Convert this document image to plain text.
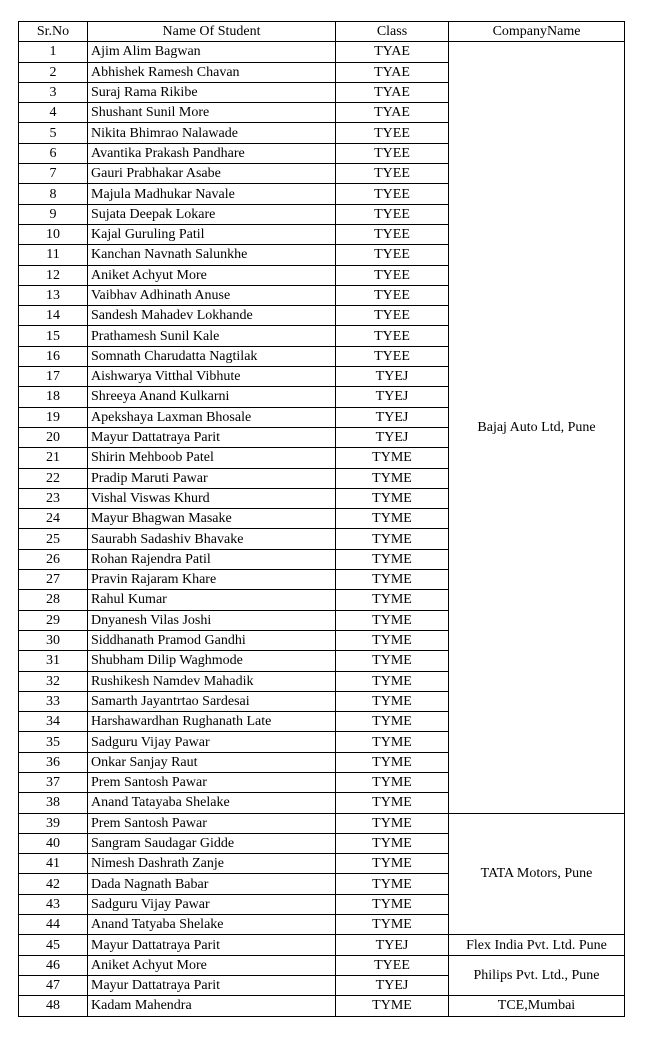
Sr.No	Name Of Student	Class	CompanyName
1	Ajim Alim Bagwan	TYAE	Bajaj Auto Ltd, Pune
2	Abhishek Ramesh Chavan	TYAE	
3	Suraj Rama Rikibe	TYAE	
4	Shushant Sunil More	TYAE	
5	Nikita Bhimrao Nalawade	TYEE	
6	Avantika Prakash Pandhare	TYEE	
7	Gauri Prabhakar Asabe	TYEE	
8	Majula Madhukar Navale	TYEE	
9	Sujata Deepak Lokare	TYEE	
10	Kajal Guruling Patil	TYEE	
11	Kanchan Navnath Salunkhe	TYEE	
12	Aniket Achyut More	TYEE	
13	Vaibhav Adhinath Anuse	TYEE	
14	Sandesh Mahadev Lokhande	TYEE	
15	Prathamesh Sunil Kale	TYEE	
16	Somnath Charudatta Nagtilak	TYEE	
17	Aishwarya Vitthal Vibhute	TYEJ	
18	Shreeya Anand Kulkarni	TYEJ	
19	Apekshaya Laxman Bhosale	TYEJ	
20	Mayur Dattatraya Parit	TYEJ	
21	Shirin Mehboob Patel	TYME	
22	Pradip Maruti Pawar	TYME	
23	Vishal Viswas Khurd	TYME	
24	Mayur Bhagwan Masake	TYME	
25	Saurabh Sadashiv Bhavake	TYME	
26	Rohan Rajendra Patil	TYME	
27	Pravin Rajaram Khare	TYME	
28	Rahul Kumar	TYME	
29	Dnyanesh Vilas Joshi	TYME	
30	Siddhanath Pramod Gandhi	TYME	
31	Shubham Dilip Waghmode	TYME	
32	Rushikesh Namdev Mahadik	TYME	
33	Samarth Jayantrtao Sardesai	TYME	
34	Harshawardhan Rughanath Late	TYME	
35	Sadguru Vijay Pawar	TYME	
36	Onkar Sanjay Raut	TYME	
37	Prem Santosh Pawar	TYME	
38	Anand Tatayaba Shelake	TYME	
39	Prem Santosh Pawar	TYME	TATA Motors, Pune
40	Sangram Saudagar Gidde	TYME	
41	Nimesh Dashrath Zanje	TYME	
42	Dada Nagnath Babar	TYME	
43	Sadguru Vijay Pawar	TYME	
44	Anand Tatyaba Shelake	TYME	
45	Mayur Dattatraya Parit	TYEJ	Flex India Pvt. Ltd. Pune
46	Aniket Achyut More	TYEE	Philips Pvt. Ltd., Pune
47	Mayur Dattatraya Parit	TYEJ	
48	Kadam Mahendra	TYME	TCE,Mumbai
